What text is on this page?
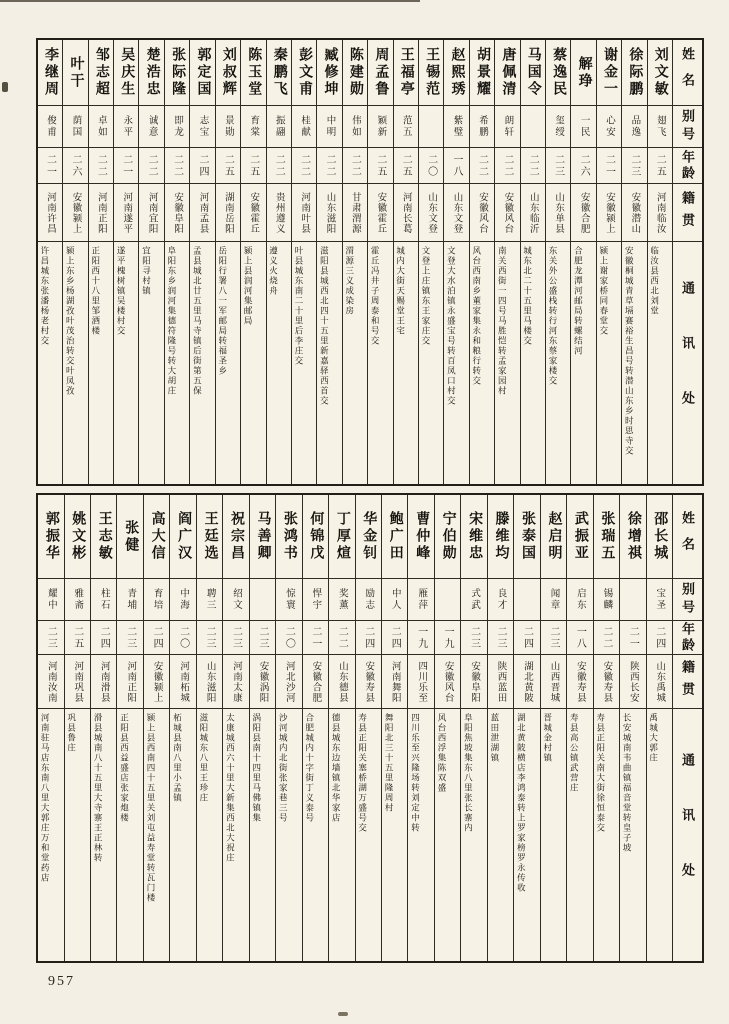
姓名
别号
年龄
籍贯
通讯处
刘文敏
翅飞
二五
河南临汝
临汝县西北刘堂
徐际鹏
品逸
二三
安徽潜山
安徽桐城青草塥赛裕生昌号转潜山东乡时思寺交
谢金一
心安
二一
安徽颍上
颍上谢家桥同春堂交
解琤
一民
二六
安徽合肥
合肥龙潭河邮局转螺结河
蔡逸民
玺绶
二三
山东单县
东关外公盛栈转行河东蔡家楼交
马国令
二二
山东临沂
城东北二十五里马楼交
唐佩清
朗轩
二二
安徽风台
南关西街一四号马胜恺转孟家园村
胡景耀
希鹏
二二
安徽风台
风台西南乡董家集永和粮行转交
赵熙琇
紫璧
一八
山东文登
文登大水泊镇永盛宝号转百凤口村交
王锡范
二〇
山东文登
文登上庄镇东王家庄交
王福亭
范五
二五
河南长葛
城内大街天赐堂王宅
周孟鲁
颖新
二五
安徽霍丘
霍丘冯井子周泰和号交
陈建勋
伟如
二二
甘肃渭源
渭源三义成染房
臧修坤
中明
二二
山东滋阳
滋阳县城西北四十五里新嘉驿西首交
彭文甫
桂献
二二
河南叶县
叶县城东南二十里后李庄交
秦鹏飞
振翮
二二
贵州遵义
遵义火烧舟
陈玉堂
育棠
二五
安徽霍丘
颍上县润河集邮局
刘叔辉
景勋
二五
湖南岳阳
岳阳行署八一军邮局转福圣乡
郭定国
志宝
二四
河南孟县
孟县城北廿五里马寺镇后街第五保
张际隆
即龙
二二
安徽阜阳
阜阳东乡润河集德符隆号转大胡庄
楚浩忠
诚意
二二
河南宜阳
宜阳寻村镇
吴庆生
永平
二一
河南遂平
遂平槐树镇吴楼村交
邹志超
卓如
二二
河南正阳
正阳西十八里邹酒楼
叶干
荫国
二六
安徽颍上
颍上东乡杨湖孜叶茂治转交叶凤孜
李继周
俊甫
二一
河南许昌
许昌城东张潘杨老村交
姓名
别号
年龄
籍贯
通讯处
邵长城
宝圣
二四
山东禹城
禹城大郭庄
徐增祺
二一
陕西长安
长安城南韦曲镇福音堂转皇子坡
张瑞五
锡麟
二二
安徽寿县
寿县正阳关南大街徐恒泰交
武振亚
启东
一八
安徽寿县
寿县高公镇武营庄
赵启明
闻章
二三
山西晋城
晋城金村镇
张泰国
二四
湖北黄陂
湖北黄陂横店李鸿泰转上罗家榜罗永传收
滕维均
良才
二三
陕西蓝田
蓝田泄湖镇
宋维忠
式武
二三
安徽阜阳
阜阳焦坡集东八里张长寨内
宁伯勋
一九
安徽风台
风台西浮集陈双盛
曹仲峰
雁萍
一九
四川乐至
四川乐至兴隆场转刘定中转
鲍广田
中人
二四
河南舞阳
舞阳北三十五里隆周村
华金钊
励志
二四
安徽寿县
寿县正阳关塞桥湖万盛号交
丁厚煊
奖薰
二二
山东德县
德县城东边墙镇北华家店
何锦戊
悍宇
二一
安徽合肥
合肥城内十字街丁义泰号
张鸿书
惊寰
二〇
河北沙河
沙河城内北街张家巷三号
马善卿
二三
安徽涡阳
涡阳县南十四里马佛镇集
祝宗昌
绍文
二三
河南太康
太康城西六十里大新集西北大祝庄
王廷选
聘三
二三
山东滋阳
滋阳城东八里王珍庄
阎广汉
中海
二〇
河南柘城
柘城县南八里小孟镇
高大信
育培
二四
安徽颍上
颍上县西南四十五里关刘屯益寿堂转瓦门楼
张健
青埔
二三
河南正阳
正阳县西益盛店张家炮楼
王志敏
柱石
二四
河南滑县
滑县城南八十五里大寺寨王正林转
姚文彬
雅斋
二五
河南巩县
巩县鲁庄
郭振华
耀中
二三
河南汝南
河南驻马店东南八里大郭庄万和堂药店
957
